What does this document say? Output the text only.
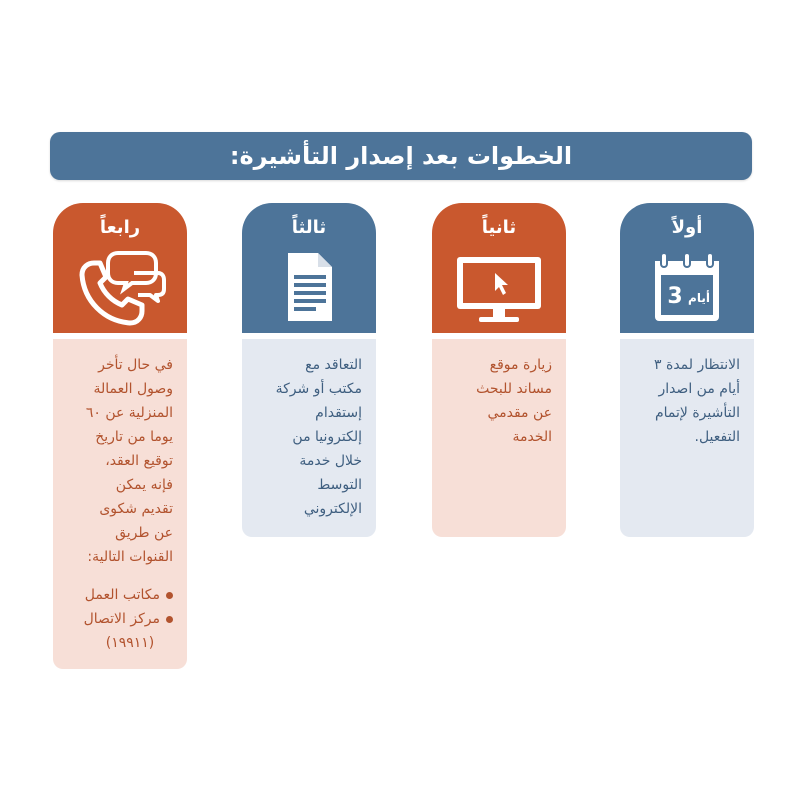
الخطوات بعد إصدار التأشيرة:
أولاً
3 أيام
الانتظار لمدة ٣
أيام من اصدار
التأشيرة لإتمام
التفعيل.
ثانياً
زيارة موقع
مساند للبحث
عن مقدمي
الخدمة
ثالثاً
التعاقد مع
مكتب أو شركة
إستقدام
إلكترونيا من
خلال خدمة
التوسط
الإلكتروني
رابعاً
في حال تأخر
وصول العمالة
المنزلية عن ٦٠
يوما من تاريخ
توقيع العقد،
فإنه يمكن
تقديم شكوى
عن طريق
القنوات التالية:
مكاتب العمل
مركز الاتصال
(١٩٩١١)
